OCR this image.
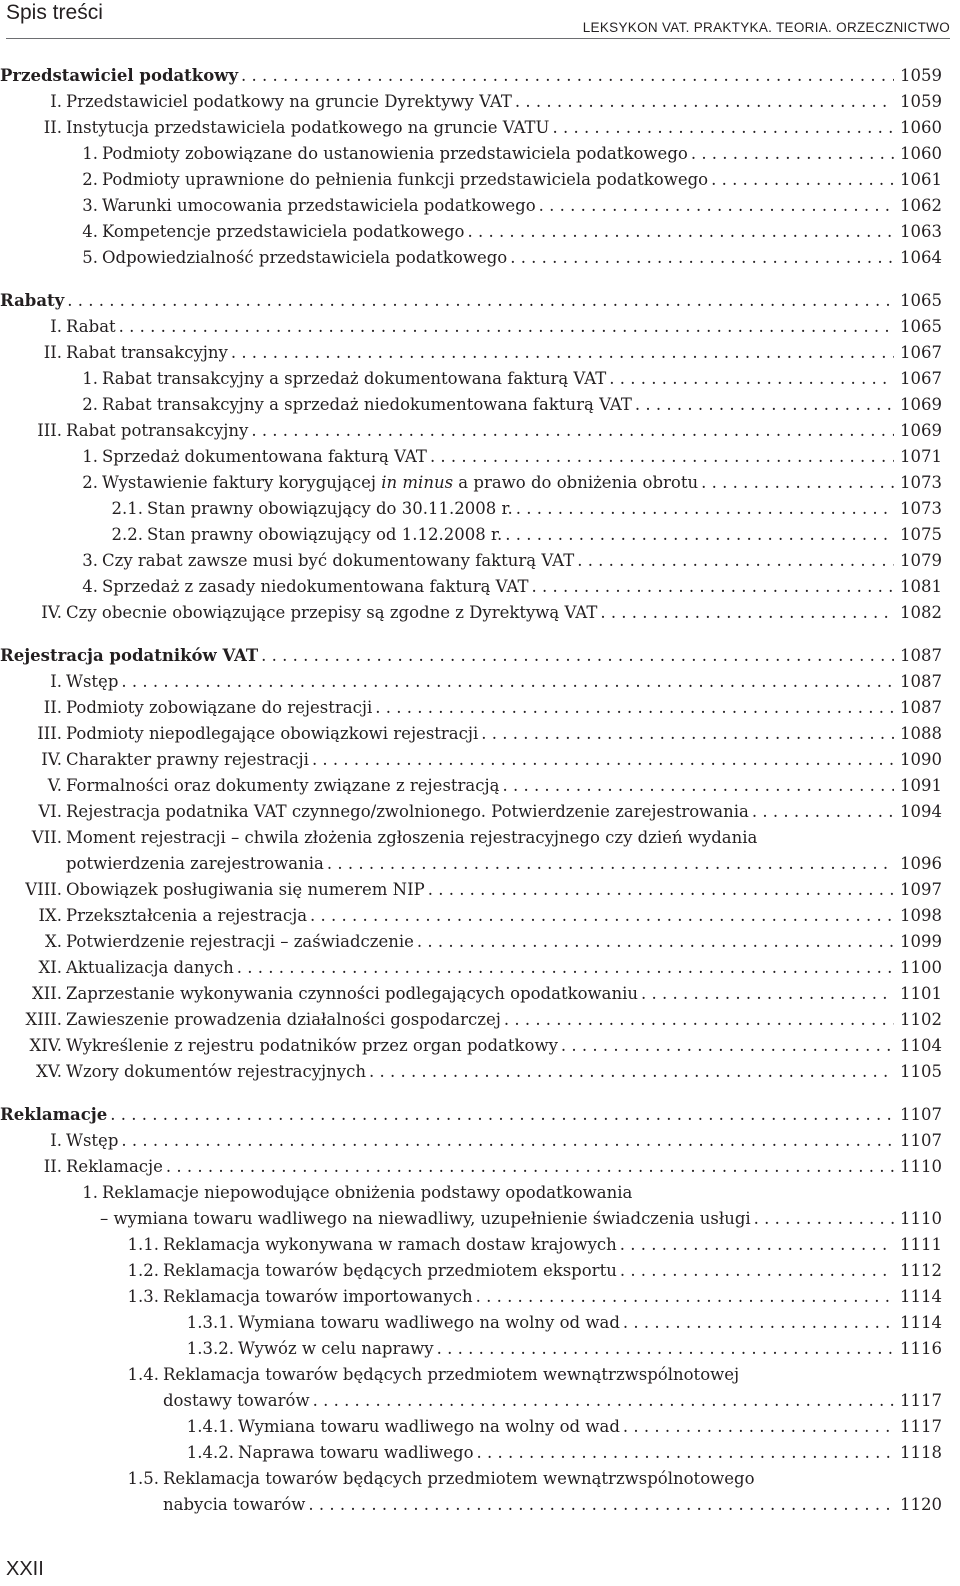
Spis treści
LEKSYKON VAT. PRAKTYKA. TEORIA. ORZECZNICTWO
Przedstawiciel podatkowy . . .	1059
I. Przedstawiciel podatkowy na gruncie Dyrektywy VAT . . .	1059
II. Instytucja przedstawiciela podatkowego na gruncie VATU . . .	1060
1. Podmioty zobowiązane do ustanowienia przedstawiciela podatkowego . . .	1060
2. Podmioty uprawnione do pełnienia funkcji przedstawiciela podatkowego . . .	1061
3. Warunki umocowania przedstawiciela podatkowego . . .	1062
4. Kompetencje przedstawiciela podatkowego . . .	1063
5. Odpowiedzialność przedstawiciela podatkowego . . .	1064
Rabaty . . .	1065
I. Rabat . . .	1065
II. Rabat transakcyjny . . .	1067
1. Rabat transakcyjny a sprzedaż dokumentowana fakturą VAT . . .	1067
2. Rabat transakcyjny a sprzedaż niedokumentowana fakturą VAT . . .	1069
III. Rabat potransakcyjny . . .	1069
1. Sprzedaż dokumentowana fakturą VAT . . .	1071
2. Wystawienie faktury korygującej in minus a prawo do obniżenia obrotu . . .	1073
2.1. Stan prawny obowiązujący do 30.11.2008 r. . . .	1073
2.2. Stan prawny obowiązujący od 1.12.2008 r. . . .	1075
3. Czy rabat zawsze musi być dokumentowany fakturą VAT . . .	1079
4. Sprzedaż z zasady niedokumentowana fakturą VAT . . .	1081
IV. Czy obecnie obowiązujące przepisy są zgodne z Dyrektywą VAT . . .	1082
Rejestracja podatników VAT . . .	1087
I. Wstęp . . .	1087
II. Podmioty zobowiązane do rejestracji . . .	1087
III. Podmioty niepodlegające obowiązkowi rejestracji . . .	1088
IV. Charakter prawny rejestracji . . .	1090
V. Formalności oraz dokumenty związane z rejestracją . . .	1091
VI. Rejestracja podatnika VAT czynnego/zwolnionego. Potwierdzenie zarejestrowania . . .	1094
VII. Moment rejestracji – chwila złożenia zgłoszenia rejestracyjnego czy dzień wydania
potwierdzenia zarejestrowania . . .	1096
VIII. Obowiązek posługiwania się numerem NIP . . .	1097
IX. Przekształcenia a rejestracja . . .	1098
X. Potwierdzenie rejestracji – zaświadczenie . . .	1099
XI. Aktualizacja danych . . .	1100
XII. Zaprzestanie wykonywania czynności podlegających opodatkowaniu . . .	1101
XIII. Zawieszenie prowadzenia działalności gospodarczej . . .	1102
XIV. Wykreślenie z rejestru podatników przez organ podatkowy . . .	1104
XV. Wzory dokumentów rejestracyjnych . . .	1105
Reklamacje . . .	1107
I. Wstęp . . .	1107
II. Reklamacje . . .	1110
1. Reklamacje niepowodujące obniżenia podstawy opodatkowania
– wymiana towaru wadliwego na niewadliwy, uzupełnienie świadczenia usługi . . .	1110
1.1. Reklamacja wykonywana w ramach dostaw krajowych . . .	1111
1.2. Reklamacja towarów będących przedmiotem eksportu . . .	1112
1.3. Reklamacja towarów importowanych . . .	1114
1.3.1. Wymiana towaru wadliwego na wolny od wad . . .	1114
1.3.2. Wywóz w celu naprawy . . .	1116
1.4. Reklamacja towarów będących przedmiotem wewnątrzwspólnotowej
dostawy towarów . . .	1117
1.4.1. Wymiana towaru wadliwego na wolny od wad . . .	1117
1.4.2. Naprawa towaru wadliwego . . .	1118
1.5. Reklamacja towarów będących przedmiotem wewnątrzwspólnotowego
nabycia towarów . . .	1120
XXII
